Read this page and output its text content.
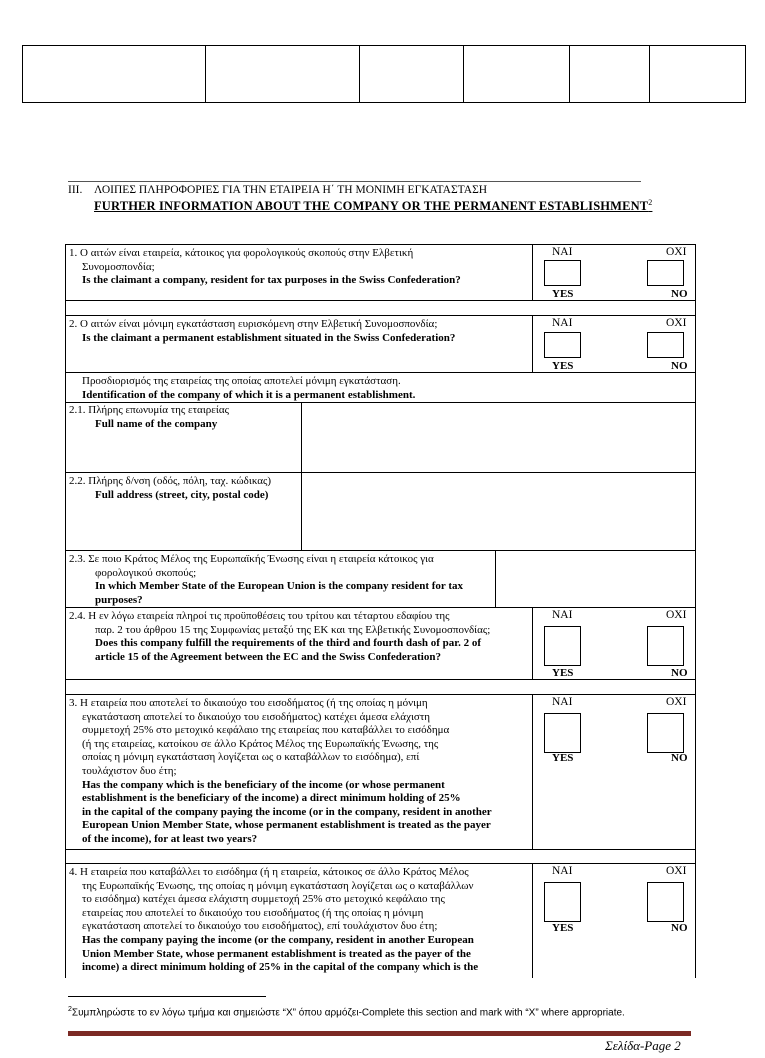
III. ΛΟΙΠΕΣ ΠΛΗΡΟΦΟΡΙΕΣ ΓΙΑ ΤΗΝ ΕΤΑΙΡΕΙΑ Η΄ ΤΗ ΜΟΝΙΜΗ ΕΓΚΑΤΑΣΤΑΣΗ
FURTHER INFORMATION ABOUT THE COMPANY OR THE PERMANENT ESTABLISHMENT$^2$
1. Ο αιτών είναι εταιρεία, κάτοικος για φορολογικούς σκοπούς στην Ελβετική
Συνομοσπονδία;
Is the claimant a company, resident for tax purposes in the Swiss Confederation?
ΝΑΙ	ΟΧΙ
YES	NO
2. Ο αιτών είναι μόνιμη εγκατάσταση ευρισκόμενη στην Ελβετική Συνομοσπονδία;
Is the claimant a permanent establishment situated in the Swiss Confederation?
ΝΑΙ	ΟΧΙ
YES	NO
Προσδιορισμός της εταιρείας της οποίας αποτελεί μόνιμη εγκατάσταση.
Identification of the company of which it is a permanent establishment.
2.1. Πλήρης επωνυμία της εταιρείας
Full name of the company
2.2. Πλήρης δ/νση (οδός, πόλη, ταχ. κώδικας)
Full address (street, city, postal code)
2.3. Σε ποιο Κράτος Μέλος της Ευρωπαϊκής Ένωσης είναι η εταιρεία κάτοικος για
φορολογικού σκοπούς;
In which Member State of the European Union is the company resident for tax
purposes?
2.4. Η εν λόγω εταιρεία πληροί τις προϋποθέσεις του τρίτου και τέταρτου εδαφίου της
παρ. 2 του άρθρου 15 της Συμφωνίας μεταξύ της ΕΚ και της Ελβετικής Συνομοσπονδίας;
Does this company fulfill the requirements of the third and fourth dash of par. 2 of
article 15 of the Agreement between the EC and the Swiss Confederation?
ΝΑΙ	ΟΧΙ
YES	NO
3. Η εταιρεία που αποτελεί το δικαιούχο του εισοδήματος (ή της οποίας η μόνιμη
εγκατάσταση αποτελεί το δικαιούχο του εισοδήματος) κατέχει άμεσα ελάχιστη
συμμετοχή 25% στο μετοχικό κεφάλαιο της εταιρείας που καταβάλλει το εισόδημα
(ή της εταιρείας, κατοίκου σε άλλο Κράτος Μέλος της Ευρωπαϊκής Ένωσης, της
οποίας η μόνιμη εγκατάσταση λογίζεται ως ο καταβάλλων το εισόδημα), επί
τουλάχιστον δυο έτη;
Has the company which is the beneficiary of the income (or whose permanent
establishment is the beneficiary of the income) a direct minimum holding of 25%
in the capital of the company paying the income (or in the company, resident in another
European Union Member State, whose permanent establishment is treated as the payer
of the income), for at least two years?
ΝΑΙ	ΟΧΙ
YES	NO
4. Η εταιρεία που καταβάλλει το εισόδημα (ή η εταιρεία, κάτοικος σε άλλο Κράτος Μέλος
της Ευρωπαϊκής Ένωσης, της οποίας η μόνιμη εγκατάσταση λογίζεται ως ο καταβάλλων
το εισόδημα) κατέχει άμεσα ελάχιστη συμμετοχή 25% στο μετοχικό κεφάλαιο της
εταιρείας που αποτελεί το δικαιούχο του εισοδήματος (ή της οποίας η μόνιμη
εγκατάσταση αποτελεί το δικαιούχο του εισοδήματος), επί τουλάχιστον δυο έτη;
Has the company paying the income (or the company, resident in another European
Union Member State, whose permanent establishment is treated as the payer of the
income) a direct minimum holding of 25% in the capital of the company which is the
ΝΑΙ	ΟΧΙ
YES	NO
$^2$Συμπληρώστε το εν λόγω τμήμα και σημειώστε “X” όπου αρμόζει-Complete this section and mark with “X” where appropriate.
Σελίδα-Page 2
